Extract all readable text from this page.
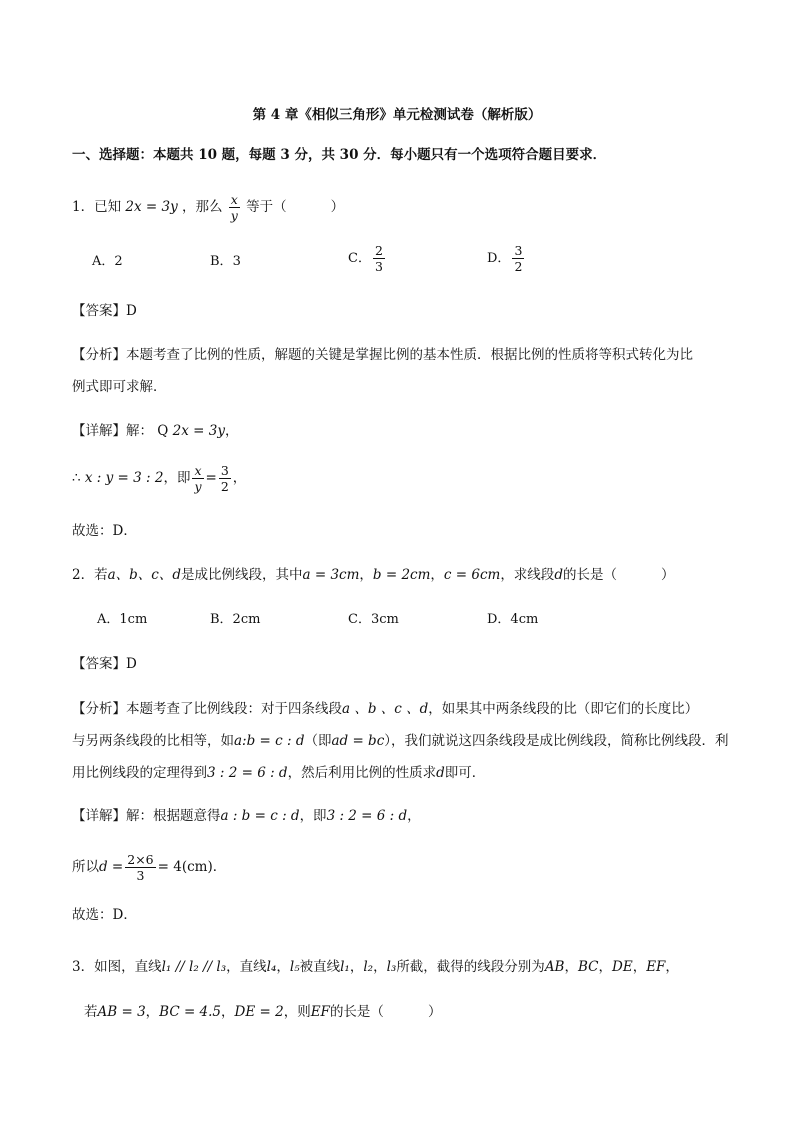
第 4 章《相似三角形》单元检测试卷（解析版）
一、选择题：本题共 10 题，每题 3 分，共 30 分．每小题只有一个选项符合题目要求．
1．已知 2x = 3y ，那么 $\frac{x}{y}$ 等于（	）
A．2	B．3	C． $\frac{2}{3}$	D． $\frac{3}{2}$
【答案】D
【分析】本题考查了比例的性质，解题的关键是掌握比例的基本性质．根据比例的性质将等积式转化为比
例式即可求解．
【详解】解： Q 2x = 3y，
∴ x : y = 3 : 2，即 $\frac{x}{y} = \frac{3}{2}$ ，
故选：D．
2．若a、b、c、d是成比例线段，其中a = 3cm，b = 2cm，c = 6cm，求线段d的长是（	）
A．1cm	B．2cm	C．3cm	D．4cm
【答案】D
【分析】本题考查了比例线段：对于四条线段a 、b 、c 、d，如果其中两条线段的比（即它们的长度比）
与另两条线段的比相等，如a:b = c : d（即ad = bc），我们就说这四条线段是成比例线段，简称比例线段．利
用比例线段的定理得到3 : 2 = 6 : d，然后利用比例的性质求d即可．
【详解】解：根据题意得a : b = c : d，即3 : 2 = 6 : d，
所以$d = \frac{2\times 6}{3} = 4(cm)$．
故选：D．
3．如图，直线l₁ // l₂ // l₃，直线l₄，l₅被直线l₁，l₂，l₃所截，截得的线段分别为AB，BC，DE，EF，
若AB = 3，BC = 4.5，DE = 2，则EF的长是（	）
